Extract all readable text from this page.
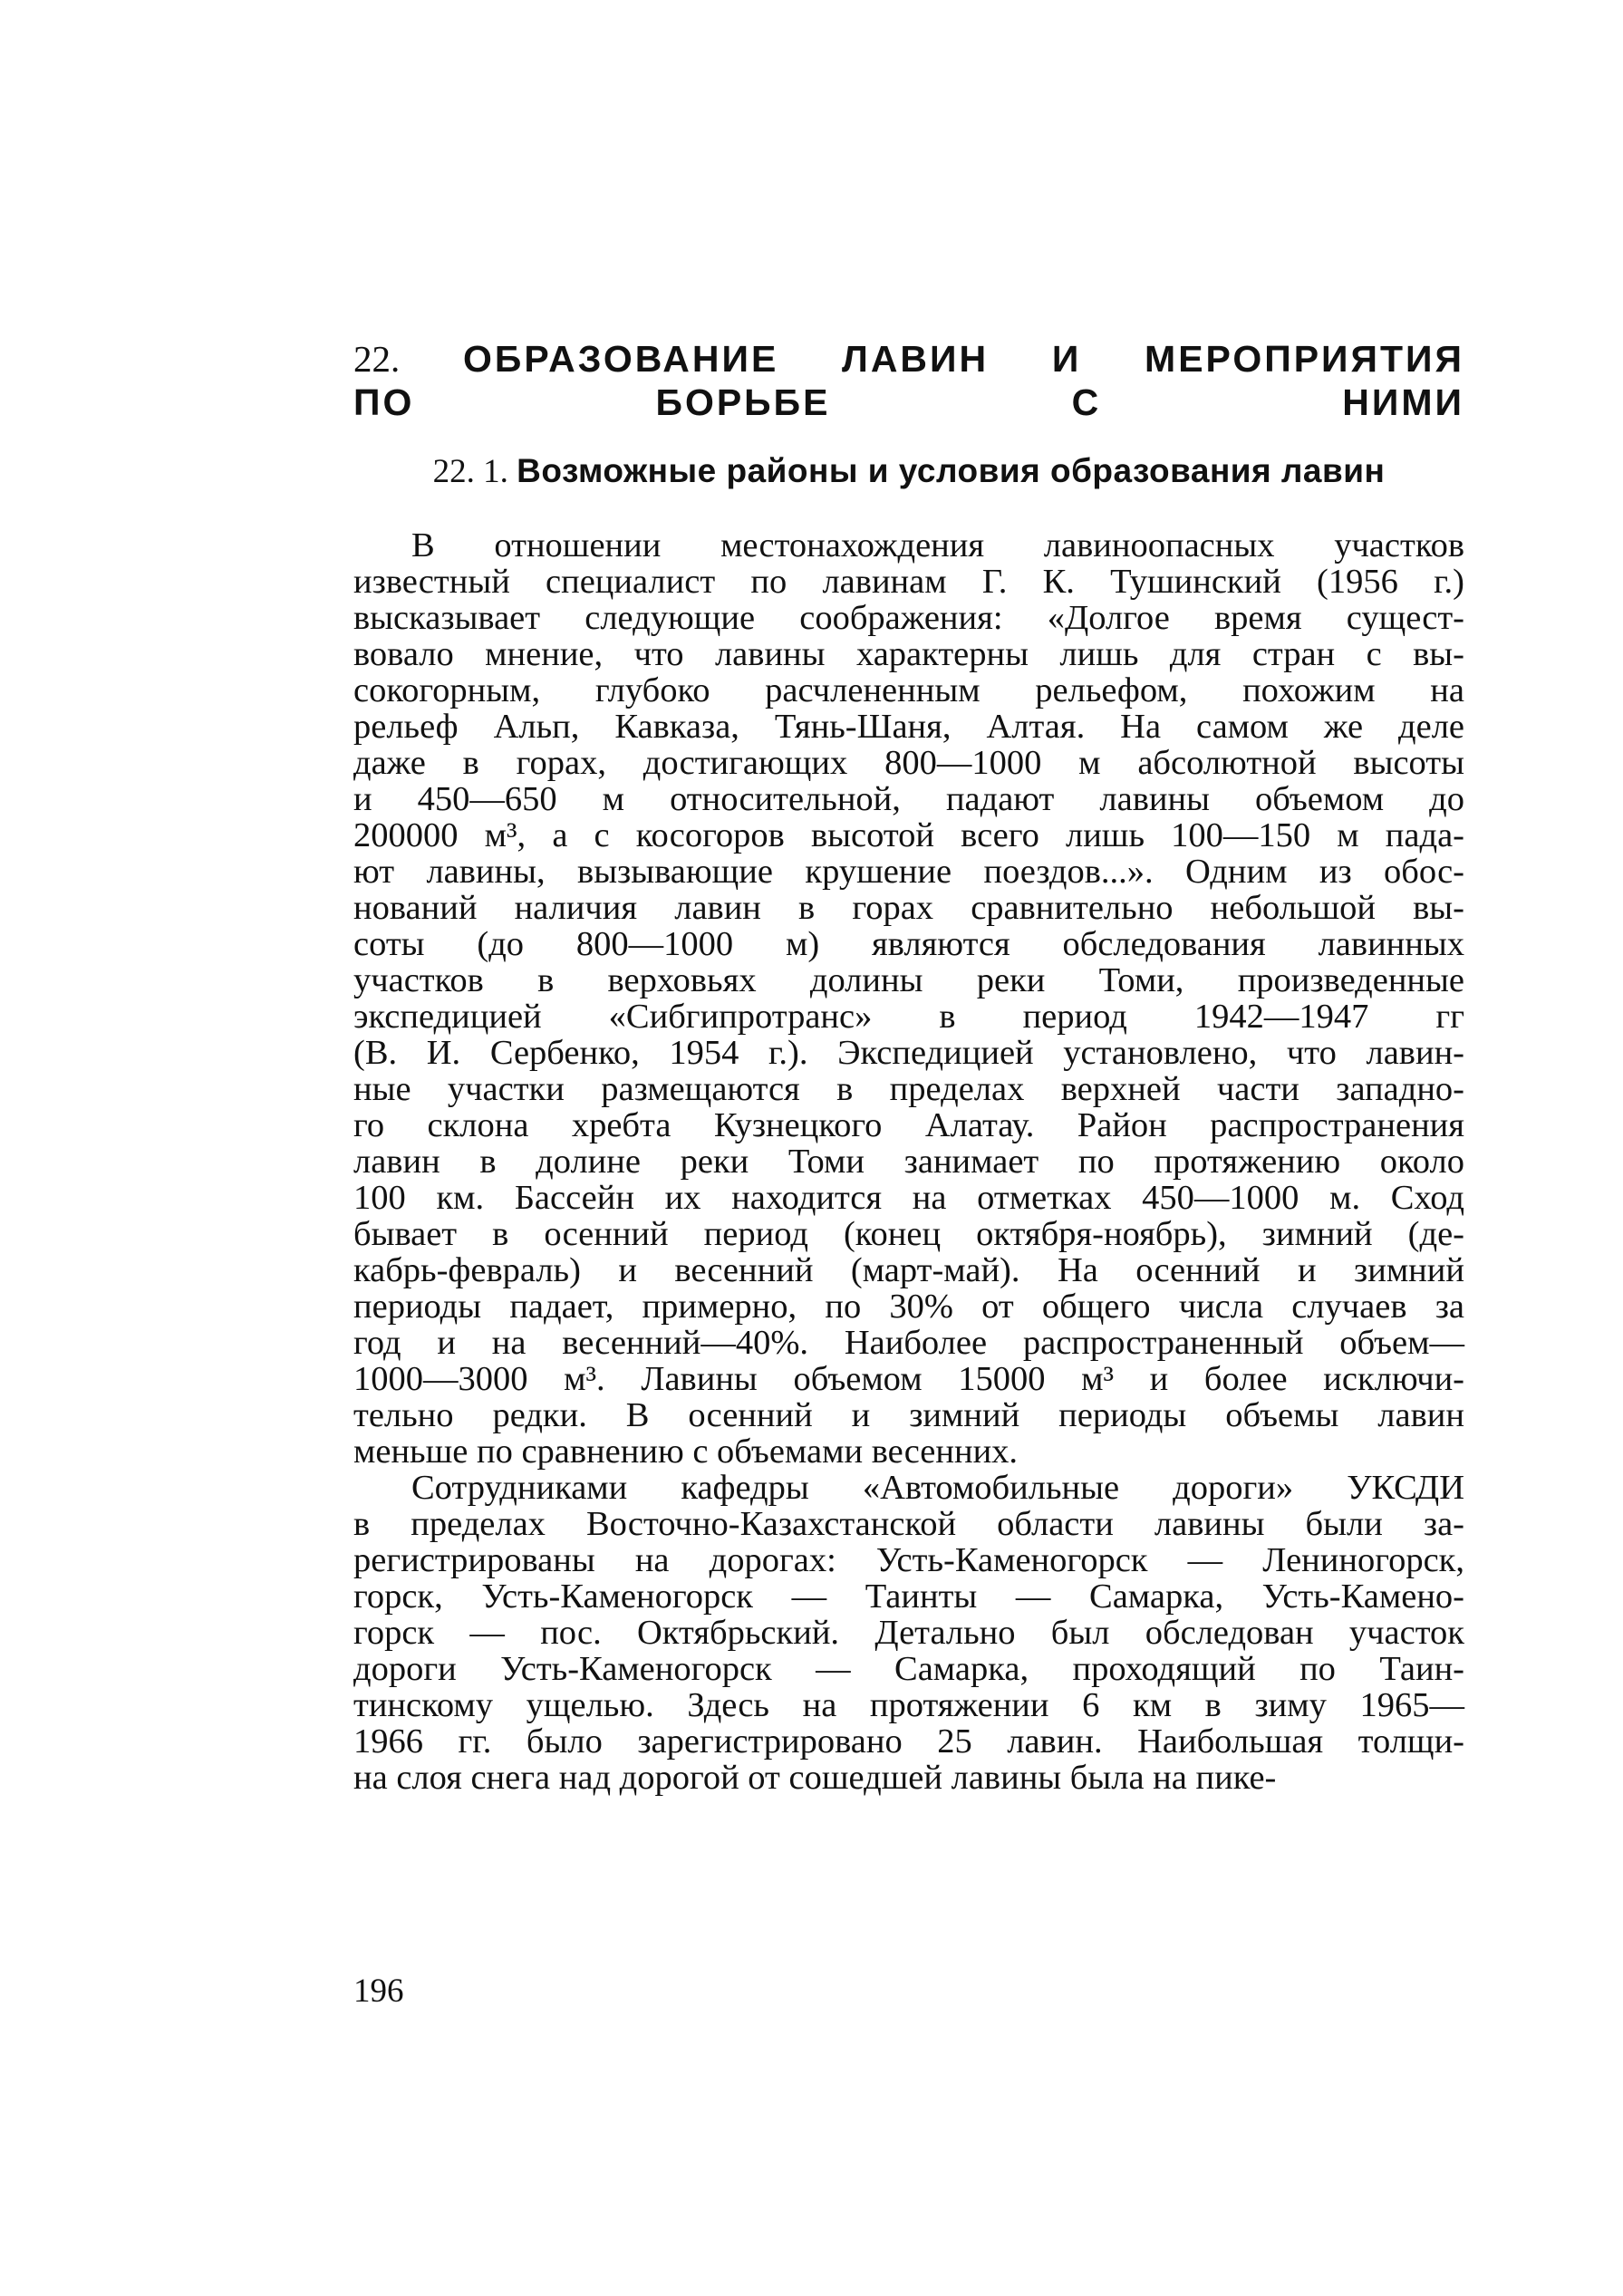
22. ОБРАЗОВАНИЕ ЛАВИН И МЕРОПРИЯТИЯ
ПО БОРЬБЕ С НИМИ
22. 1. Возможные районы и условия образования лавин
В отношении местонахождения лавиноопасных участков
известный специалист по лавинам Г. К. Тушинский (1956 г.)
высказывает следующие соображения: «Долгое время сущест-
вовало мнение, что лавины характерны лишь для стран с вы-
сокогорным, глубоко расчлененным рельефом, похожим на
рельеф Альп, Кавказа, Тянь-Шаня, Алтая. На самом же деле
даже в горах, достигающих 800—1000 м абсолютной высоты
и 450—650 м относительной, падают лавины объемом до
200000 м³, а с косогоров высотой всего лишь 100—150 м пада-
ют лавины, вызывающие крушение поездов...». Одним из обос-
нований наличия лавин в горах сравнительно небольшой вы-
соты (до 800—1000 м) являются обследования лавинных
участков в верховьях долины реки Томи, произведенные
экспедицией «Сибгипротранс» в период 1942—1947 гг
(В. И. Сербенко, 1954 г.). Экспедицией установлено, что лавин-
ные участки размещаются в пределах верхней части западно-
го склона хребта Кузнецкого Алатау. Район распространения
лавин в долине реки Томи занимает по протяжению около
100 км. Бассейн их находится на отметках 450—1000 м. Сход
бывает в осенний период (конец октября-ноябрь), зимний (де-
кабрь-февраль) и весенний (март-май). На осенний и зимний
периоды падает, примерно, по 30% от общего числа случаев за
год и на весенний—40%. Наиболее распространенный объем—
1000—3000 м³. Лавины объемом 15000 м³ и более исключи-
тельно редки. В осенний и зимний периоды объемы лавин
меньше по сравнению с объемами весенних.
Сотрудниками кафедры «Автомобильные дороги» УКСДИ
в пределах Восточно-Казахстанской области лавины были за-
регистрированы на дорогах: Усть-Каменогорск — Лениногорск,
горск, Усть-Каменогорск — Таинты — Самарка, Усть-Камено-
горск — пос. Октябрьский. Детально был обследован участок
дороги Усть-Каменогорск — Самарка, проходящий по Таин-
тинскому ущелью. Здесь на протяжении 6 км в зиму 1965—
1966 гг. было зарегистрировано 25 лавин. Наибольшая толщи-
на слоя снега над дорогой от сошедшей лавины была на пике-
196
